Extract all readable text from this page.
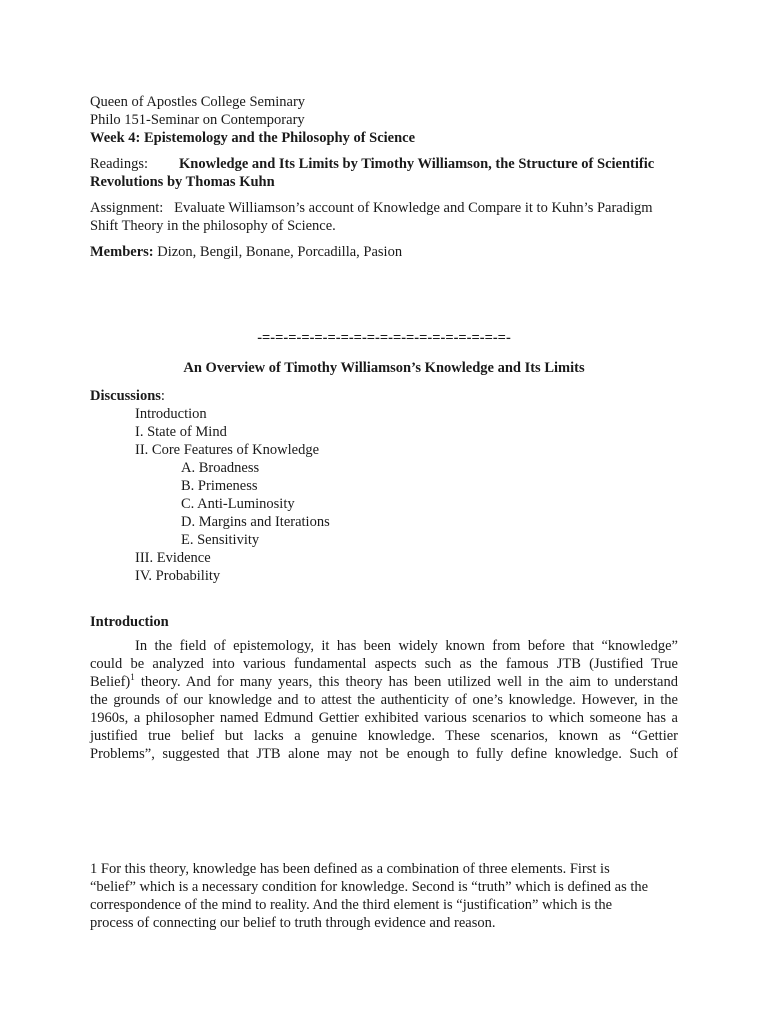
Queen of Apostles College Seminary
Philo 151-Seminar on Contemporary
Week 4: Epistemology and the Philosophy of Science
Readings: Knowledge and Its Limits by Timothy Williamson, the Structure of Scientific
Revolutions by Thomas Kuhn
Assignment:   Evaluate Williamson’s account of Knowledge and Compare it to Kuhn’s Paradigm
Shift Theory in the philosophy of Science.
Members: Dizon, Bengil, Bonane, Porcadilla, Pasion
-=-=-=-=-=-=-=-=-=-=-=-=-=-=-=-=-=-=-=-
An Overview of Timothy Williamson’s Knowledge and Its Limits
Discussions:
Introduction
I. State of Mind
II. Core Features of Knowledge
A. Broadness
B. Primeness
C. Anti-Luminosity
D. Margins and Iterations
E. Sensitivity
III. Evidence
IV. Probability
Introduction
In the field of epistemology, it has been widely known from before that “knowledge”
could be analyzed into various fundamental aspects such as the famous JTB (Justified True
Belief)$^1$ theory. And for many years, this theory has been utilized well in the aim to understand
the grounds of our knowledge and to attest the authenticity of one’s knowledge. However, in the
1960s, a philosopher named Edmund Gettier exhibited various scenarios to which someone has a
justified true belief but lacks a genuine knowledge. These scenarios, known as “Gettier
Problems”, suggested that JTB alone may not be enough to fully define knowledge. Such of
1 For this theory, knowledge has been defined as a combination of three elements. First is
“belief” which is a necessary condition for knowledge. Second is “truth” which is defined as the
correspondence of the mind to reality. And the third element is “justification” which is the
process of connecting our belief to truth through evidence and reason.
